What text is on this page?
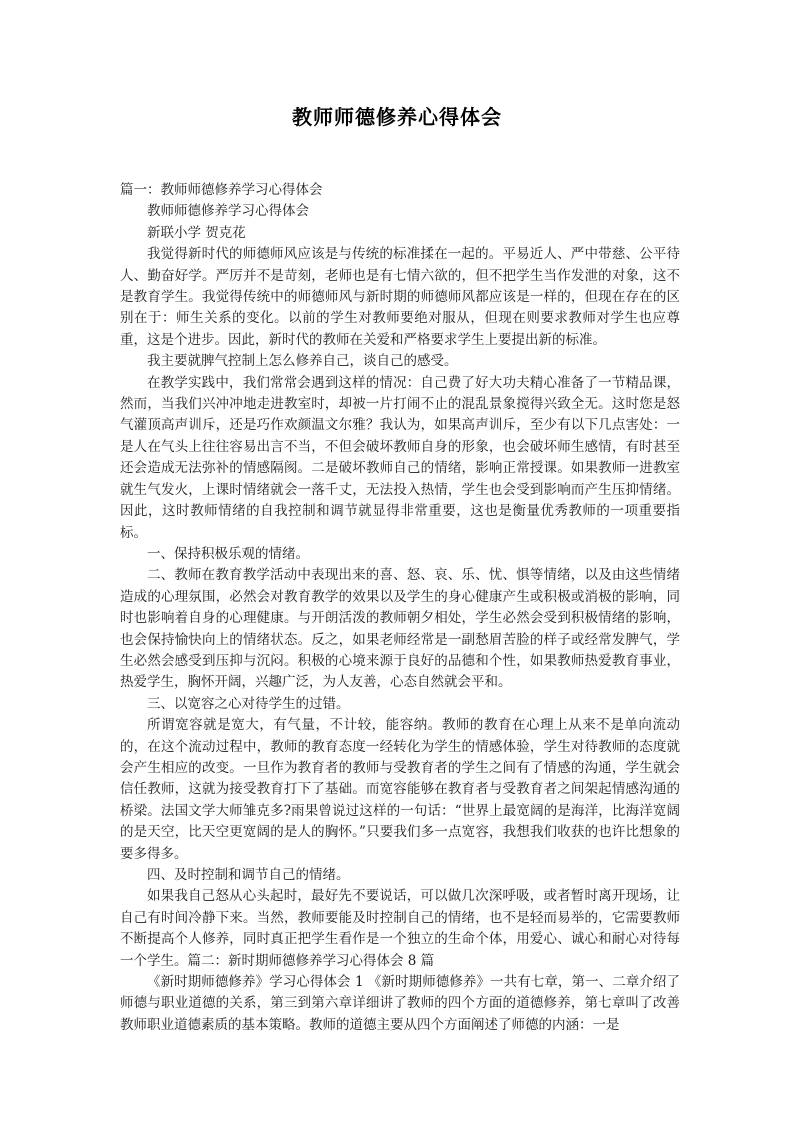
教师师德修养心得体会

篇一：教师师德修养学习心得体会

教师师德修养学习心得体会

新联小学 贺克花

我觉得新时代的师德师风应该是与传统的标准揉在一起的。平易近人、严中带慈、公平待人、勤奋好学。严厉并不是苛刻，老师也是有七情六欲的，但不把学生当作发泄的对象，这不是教育学生。我觉得传统中的师德师风与新时期的师德师风都应该是一样的，但现在存在的区别在于：师生关系的变化。以前的学生对教师要绝对服从，但现在则要求教师对学生也应尊重，这是个进步。因此，新时代的教师在关爱和严格要求学生上要提出新的标准。

我主要就脾气控制上怎么修养自己，谈自己的感受。

在教学实践中，我们常常会遇到这样的情况：自己费了好大功夫精心准备了一节精品课，然而，当我们兴冲冲地走进教室时，却被一片打闹不止的混乱景象搅得兴致全无。这时您是怒气灌顶高声训斥，还是巧作欢颜温文尔雅？我认为，如果高声训斥，至少有以下几点害处：一是人在气头上往往容易出言不当，不但会破坏教师自身的形象，也会破坏师生感情，有时甚至还会造成无法弥补的情感隔阂。二是破坏教师自己的情绪，影响正常授课。如果教师一进教室就生气发火，上课时情绪就会一落千丈，无法投入热情，学生也会受到影响而产生压抑情绪。因此，这时教师情绪的自我控制和调节就显得非常重要，这也是衡量优秀教师的一项重要指标。

一、保持积极乐观的情绪。

二、教师在教育教学活动中表现出来的喜、怒、哀、乐、忧、惧等情绪，以及由这些情绪造成的心理氛围，必然会对教育教学的效果以及学生的身心健康产生或积极或消极的影响，同时也影响着自身的心理健康。与开朗活泼的教师朝夕相处，学生必然会受到积极情绪的影响，也会保持愉快向上的情绪状态。反之，如果老师经常是一副愁眉苦脸的样子或经常发脾气，学生必然会感受到压抑与沉闷。积极的心境来源于良好的品德和个性，如果教师热爱教育事业，热爱学生，胸怀开阔，兴趣广泛，为人友善，心态自然就会平和。

三、以宽容之心对待学生的过错。

所谓宽容就是宽大，有气量，不计较，能容纳。教师的教育在心理上从来不是单向流动的，在这个流动过程中，教师的教育态度一经转化为学生的情感体验，学生对待教师的态度就会产生相应的改变。一旦作为教育者的教师与受教育者的学生之间有了情感的沟通，学生就会信任教师，这就为接受教育打下了基础。而宽容能够在教育者与受教育者之间架起情感沟通的桥梁。法国文学大师雏克多?雨果曾说过这样的一句话：“世界上最宽阔的是海洋，比海洋宽阔的是天空，比天空更宽阔的是人的胸怀。”只要我们多一点宽容，我想我们收获的也许比想象的要多得多。

四、及时控制和调节自己的情绪。

如果我自己怒从心头起时，最好先不要说话，可以做几次深呼吸，或者暂时离开现场，让自己有时间冷静下来。当然，教师要能及时控制自己的情绪，也不是轻而易举的，它需要教师不断提高个人修养，同时真正把学生看作是一个独立的生命个体，用爱心、诚心和耐心对待每一个学生。篇二：新时期师德修养学习心得体会 8 篇

《新时期师德修养》学习心得体会 1 《新时期师德修养》一共有七章，第一、二章介绍了师德与职业道德的关系，第三到第六章详细讲了教师的四个方面的道德修养，第七章叫了改善教师职业道德素质的基本策略。教师的道德主要从四个方面阐述了师德的内涵：一是
